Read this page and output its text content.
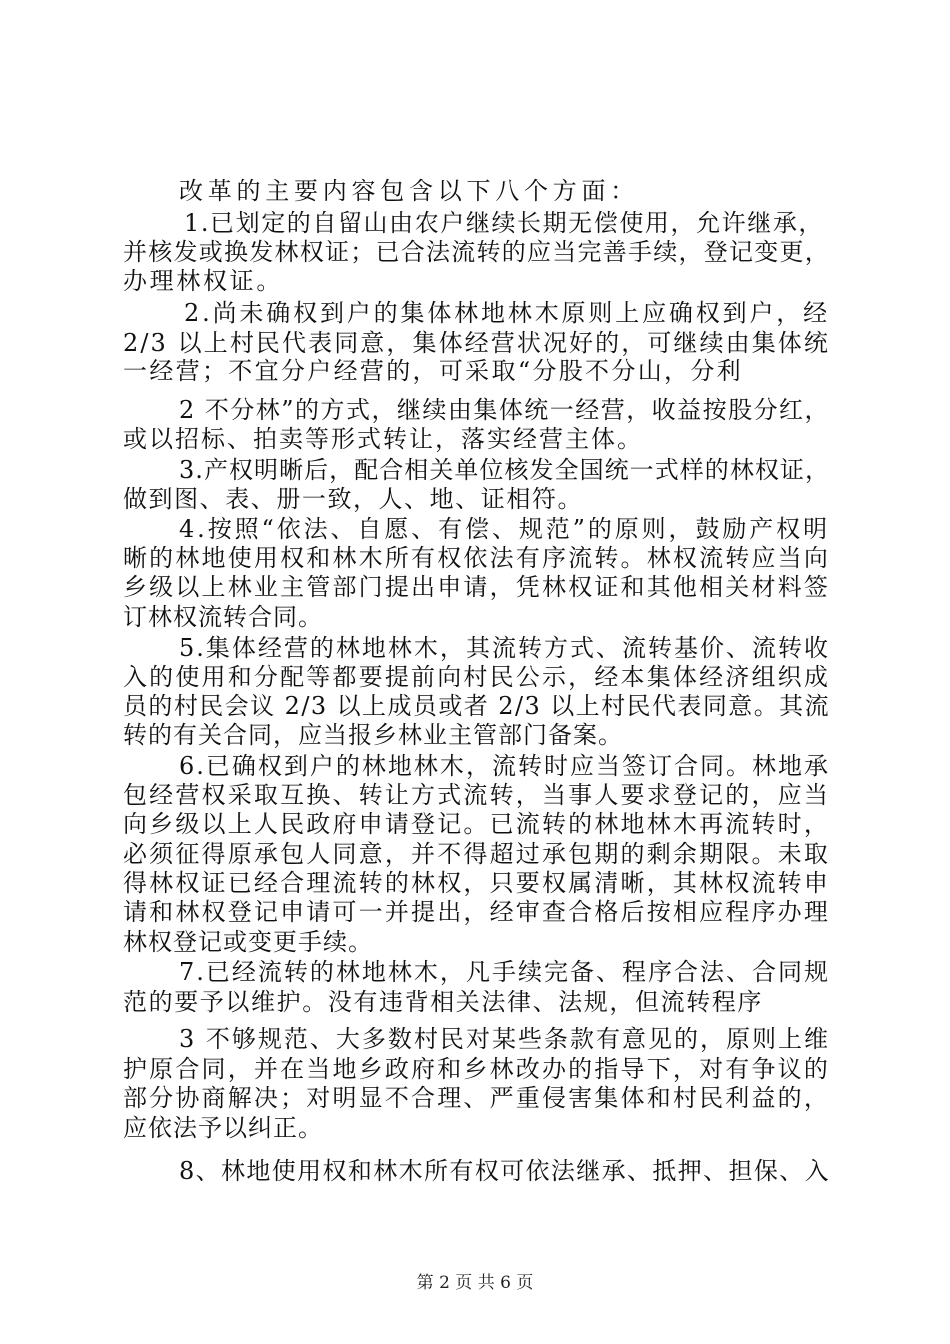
改革的主要内容包含以下八个方面：
1.已划定的自留山由农户继续长期无偿使用，允许继承，
并核发或换发林权证；已合法流转的应当完善手续，登记变更，
办理林权证。
2.尚未确权到户的集体林地林木原则上应确权到户，经
2/3 以上村民代表同意，集体经营状况好的，可继续由集体统
一经营；不宜分户经营的，可采取“分股不分山，分利
2 不分林”的方式，继续由集体统一经营，收益按股分红，
或以招标、拍卖等形式转让，落实经营主体。
3.产权明晰后，配合相关单位核发全国统一式样的林权证，
做到图、表、册一致，人、地、证相符。
4.按照“依法、自愿、有偿、规范”的原则，鼓励产权明
晰的林地使用权和林木所有权依法有序流转。林权流转应当向
乡级以上林业主管部门提出申请，凭林权证和其他相关材料签
订林权流转合同。
5.集体经营的林地林木，其流转方式、流转基价、流转收
入的使用和分配等都要提前向村民公示，经本集体经济组织成
员的村民会议 2/3 以上成员或者 2/3 以上村民代表同意。其流
转的有关合同，应当报乡林业主管部门备案。
6.已确权到户的林地林木，流转时应当签订合同。林地承
包经营权采取互换、转让方式流转，当事人要求登记的，应当
向乡级以上人民政府申请登记。已流转的林地林木再流转时，
必须征得原承包人同意，并不得超过承包期的剩余期限。未取
得林权证已经合理流转的林权，只要权属清晰，其林权流转申
请和林权登记申请可一并提出，经审查合格后按相应程序办理
林权登记或变更手续。
7.已经流转的林地林木，凡手续完备、程序合法、合同规
范的要予以维护。没有违背相关法律、法规，但流转程序
3 不够规范、大多数村民对某些条款有意见的，原则上维
护原合同，并在当地乡政府和乡林改办的指导下，对有争议的
部分协商解决；对明显不合理、严重侵害集体和村民利益的，
应依法予以纠正。
8、林地使用权和林木所有权可依法继承、抵押、担保、入
第 2 页 共 6 页
